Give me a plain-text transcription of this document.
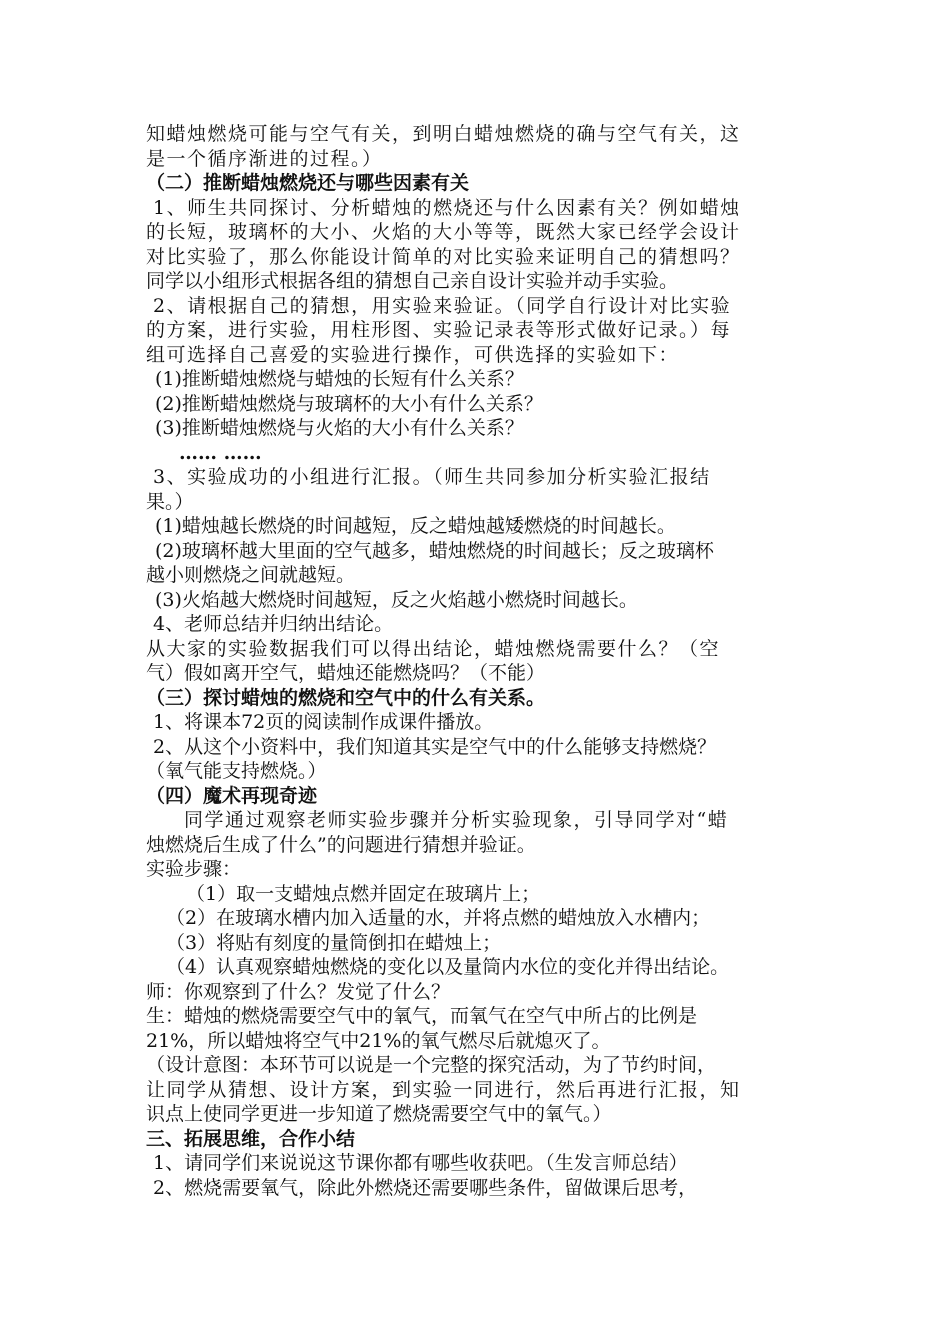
知蜡烛燃烧可能与空气有关，到明白蜡烛燃烧的确与空气有关，这
是一个循序渐进的过程。）
（二）推断蜡烛燃烧还与哪些因素有关
1、师生共同探讨、分析蜡烛的燃烧还与什么因素有关？例如蜡烛
的长短，玻璃杯的大小、火焰的大小等等，既然大家已经学会设计
对比实验了，那么你能设计简单的对比实验来证明自己的猜想吗？
同学以小组形式根据各组的猜想自己亲自设计实验并动手实验。
2、请根据自己的猜想，用实验来验证。（同学自行设计对比实验
的方案，进行实验，用柱形图、实验记录表等形式做好记录。）每
组可选择自己喜爱的实验进行操作，可供选择的实验如下：
(1)推断蜡烛燃烧与蜡烛的长短有什么关系？
(2)推断蜡烛燃烧与玻璃杯的大小有什么关系？
(3)推断蜡烛燃烧与火焰的大小有什么关系？
…… ……
3、实验成功的小组进行汇报。（师生共同参加分析实验汇报结
果。）
(1)蜡烛越长燃烧的时间越短，反之蜡烛越矮燃烧的时间越长。
(2)玻璃杯越大里面的空气越多，蜡烛燃烧的时间越长；反之玻璃杯
越小则燃烧之间就越短。
(3)火焰越大燃烧时间越短，反之火焰越小燃烧时间越长。
4、老师总结并归纳出结论。
从大家的实验数据我们可以得出结论，蜡烛燃烧需要什么？（空
气）假如离开空气，蜡烛还能燃烧吗？（不能）
（三）探讨蜡烛的燃烧和空气中的什么有关系。
1、将课本72页的阅读制作成课件播放。
2、从这个小资料中，我们知道其实是空气中的什么能够支持燃烧？
（氧气能支持燃烧。）
（四）魔术再现奇迹
同学通过观察老师实验步骤并分析实验现象，引导同学对“蜡
烛燃烧后生成了什么”的问题进行猜想并验证。
实验步骤：
（1）取一支蜡烛点燃并固定在玻璃片上；
（2）在玻璃水槽内加入适量的水，并将点燃的蜡烛放入水槽内；
（3）将贴有刻度的量筒倒扣在蜡烛上；
（4）认真观察蜡烛燃烧的变化以及量筒内水位的变化并得出结论。
师：你观察到了什么？发觉了什么？
生：蜡烛的燃烧需要空气中的氧气，而氧气在空气中所占的比例是
21%，所以蜡烛将空气中21%的氧气燃尽后就熄灭了。
（设计意图：本环节可以说是一个完整的探究活动，为了节约时间，
让同学从猜想、设计方案，到实验一同进行，然后再进行汇报，知
识点上使同学更进一步知道了燃烧需要空气中的氧气。）
三、拓展思维，合作小结
1、请同学们来说说这节课你都有哪些收获吧。（生发言师总结）
2、燃烧需要氧气，除此外燃烧还需要哪些条件，留做课后思考，
